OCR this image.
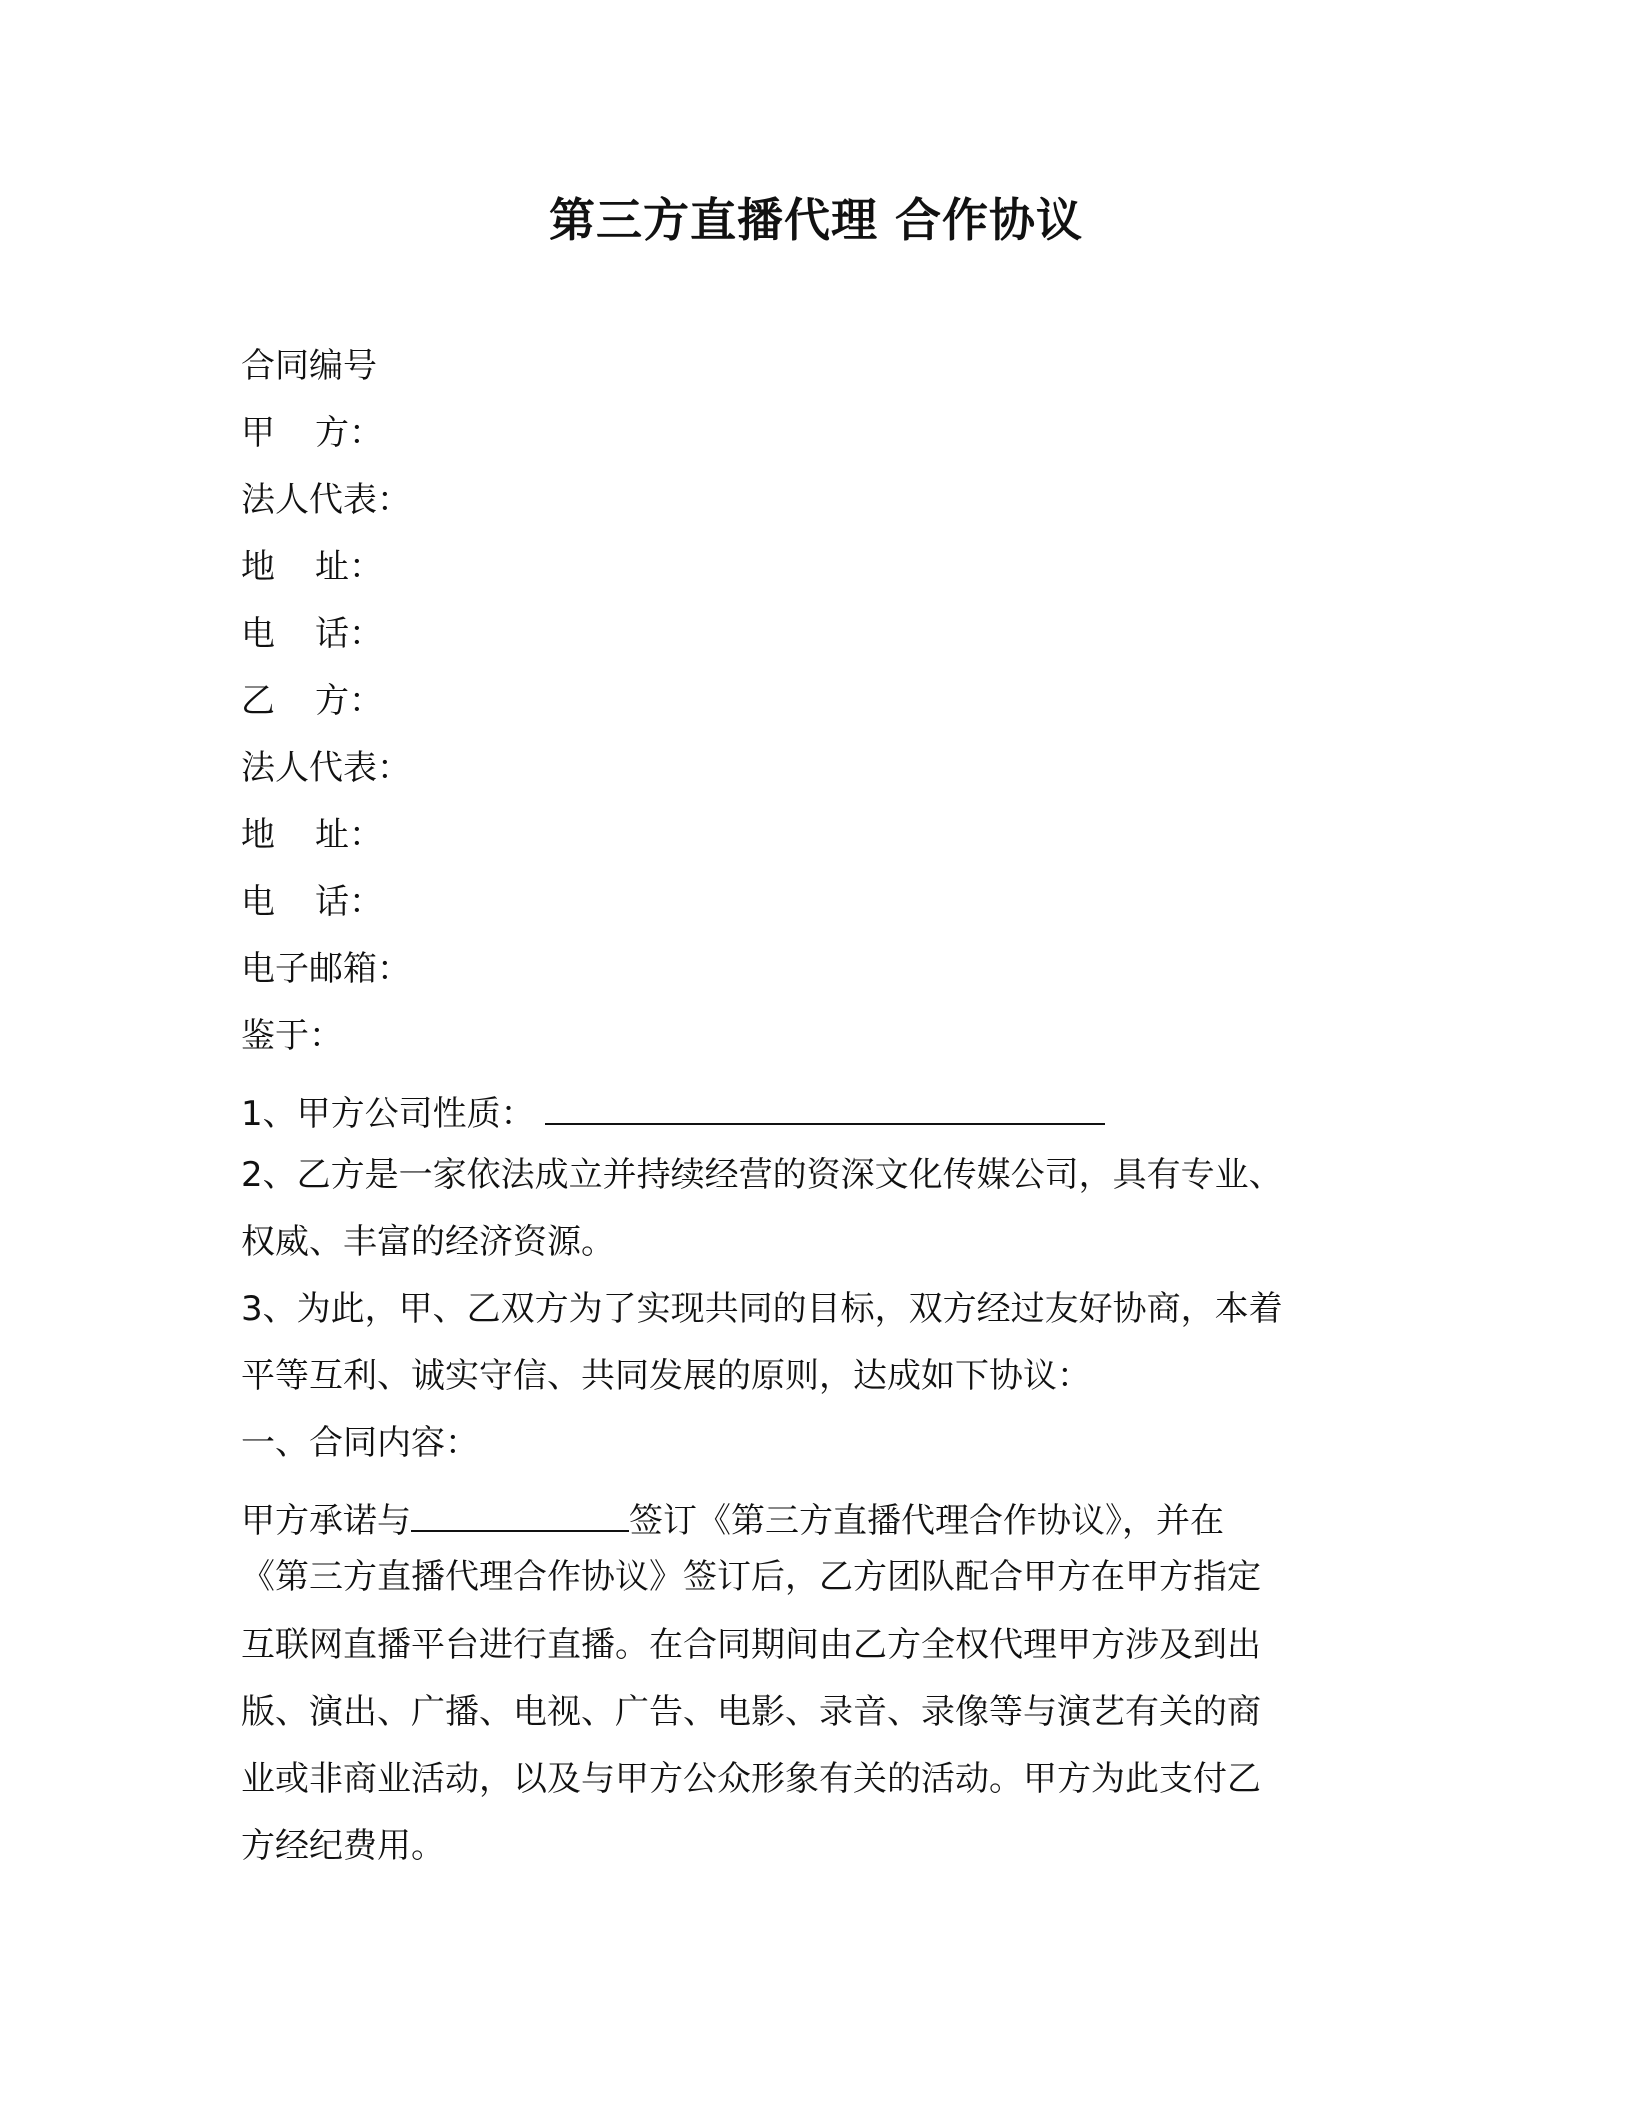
第三方直播代理 合作协议
合同编号
甲 方：
法人代表：
地 址：
电 话：
乙 方：
法人代表：
地 址：
电 话：
电子邮箱：
鉴于：
1、甲方公司性质：
2、乙方是一家依法成立并持续经营的资深文化传媒公司，具有专业、
权威、丰富的经济资源。
3、为此，甲、乙双方为了实现共同的目标，双方经过友好协商，本着
平等互利、诚实守信、共同发展的原则，达成如下协议：
一、合同内容：
甲方承诺与	签订《第三方直播代理合作协议》，并在
《第三方直播代理合作协议》签订后，乙方团队配合甲方在甲方指定
互联网直播平台进行直播。在合同期间由乙方全权代理甲方涉及到出
版、演出、广播、电视、广告、电影、录音、录像等与演艺有关的商
业或非商业活动，以及与甲方公众形象有关的活动。甲方为此支付乙
方经纪费用。
